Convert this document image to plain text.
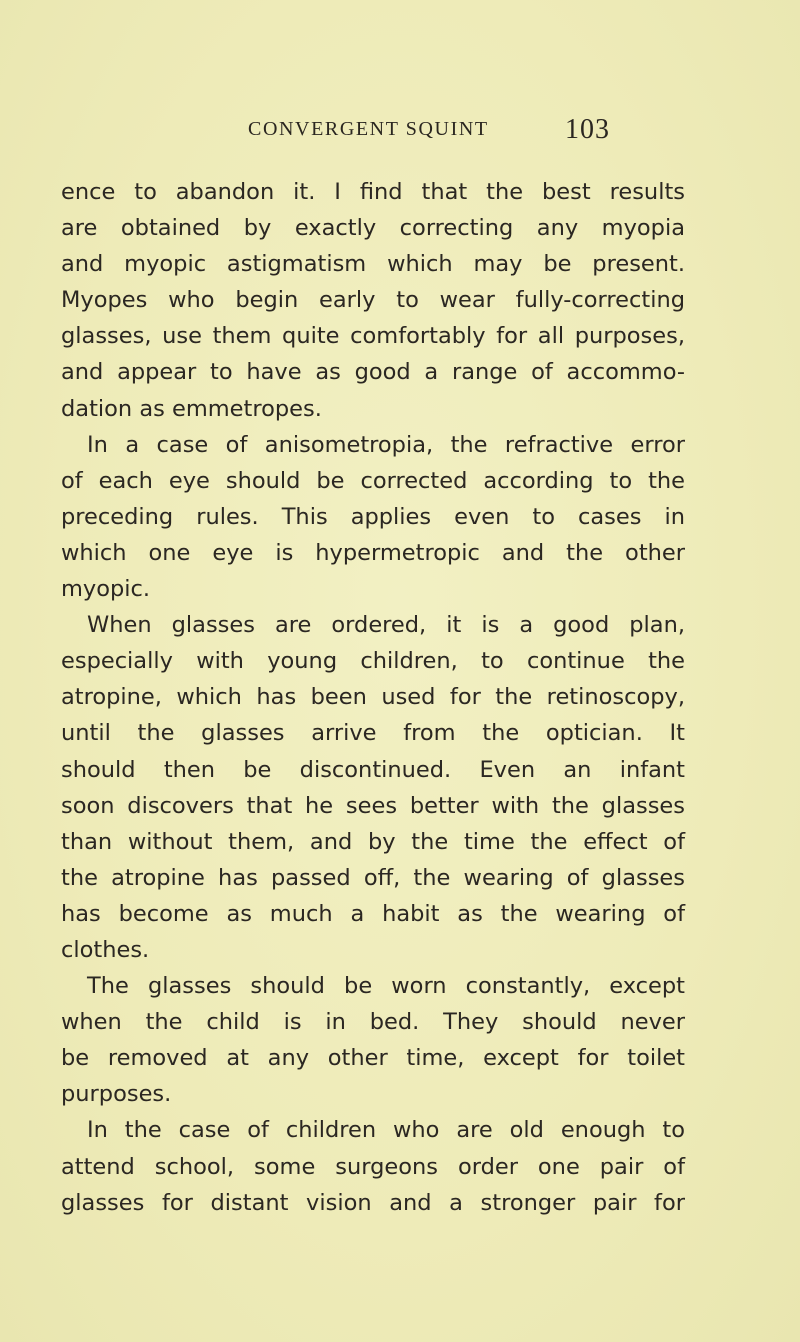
CONVERGENT SQUINT	103
ence to abandon it. I find that the best results
are obtained by exactly correcting any myopia
and myopic astigmatism which may be present.
Myopes who begin early to wear fully-correcting
glasses, use them quite comfortably for all purposes,
and appear to have as good a range of accommo-
dation as emmetropes.
In a case of anisometropia, the refractive error
of each eye should be corrected according to the
preceding rules. This applies even to cases in
which one eye is hypermetropic and the other
myopic.
When glasses are ordered, it is a good plan,
especially with young children, to continue the
atropine, which has been used for the retinoscopy,
until the glasses arrive from the optician. It
should then be discontinued. Even an infant
soon discovers that he sees better with the glasses
than without them, and by the time the effect of
the atropine has passed off, the wearing of glasses
has become as much a habit as the wearing of
clothes.
The glasses should be worn constantly, except
when the child is in bed. They should never
be removed at any other time, except for toilet
purposes.
In the case of children who are old enough to
attend school, some surgeons order one pair of
glasses for distant vision and a stronger pair for
